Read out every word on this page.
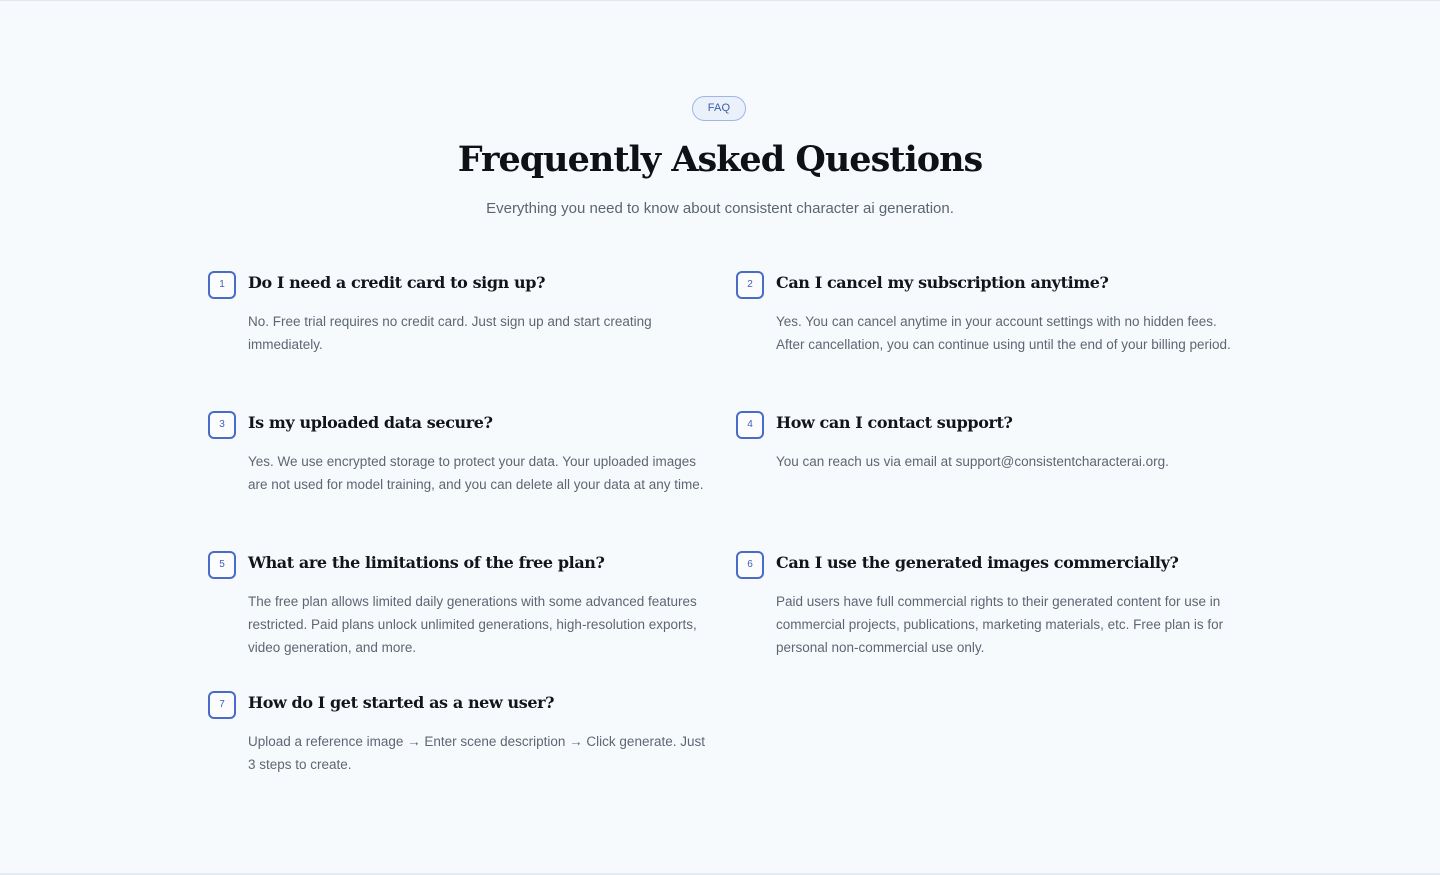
FAQ
Frequently Asked Questions

Everything you need to know about consistent character ai generation.

1	Do I need a credit card to sign up?

No. Free trial requires no credit card. Just sign up and start creating immediately.

2	Can I cancel my subscription anytime?

Yes. You can cancel anytime in your account settings with no hidden fees. After cancellation, you can continue using until the end of your billing period.

3	Is my uploaded data secure?

Yes. We use encrypted storage to protect your data. Your uploaded images are not used for model training, and you can delete all your data at any time.

4	How can I contact support?

You can reach us via email at support@consistentcharacterai.org.

5	What are the limitations of the free plan?

The free plan allows limited daily generations with some advanced features restricted. Paid plans unlock unlimited generations, high-resolution exports, video generation, and more.

6	Can I use the generated images commercially?

Paid users have full commercial rights to their generated content for use in commercial projects, publications, marketing materials, etc. Free plan is for personal non-commercial use only.

7	How do I get started as a new user?

Upload a reference image → Enter scene description → Click generate. Just 3 steps to create.
